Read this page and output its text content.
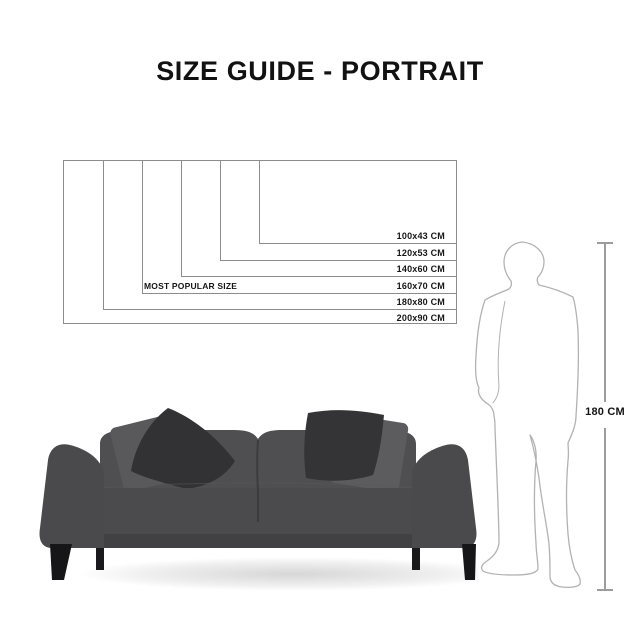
SIZE GUIDE - PORTRAIT
100x43 CM
120x53 CM
140x60 CM
160x70 CM
180x80 CM
200x90 CM
MOST POPULAR SIZE
180 CM
